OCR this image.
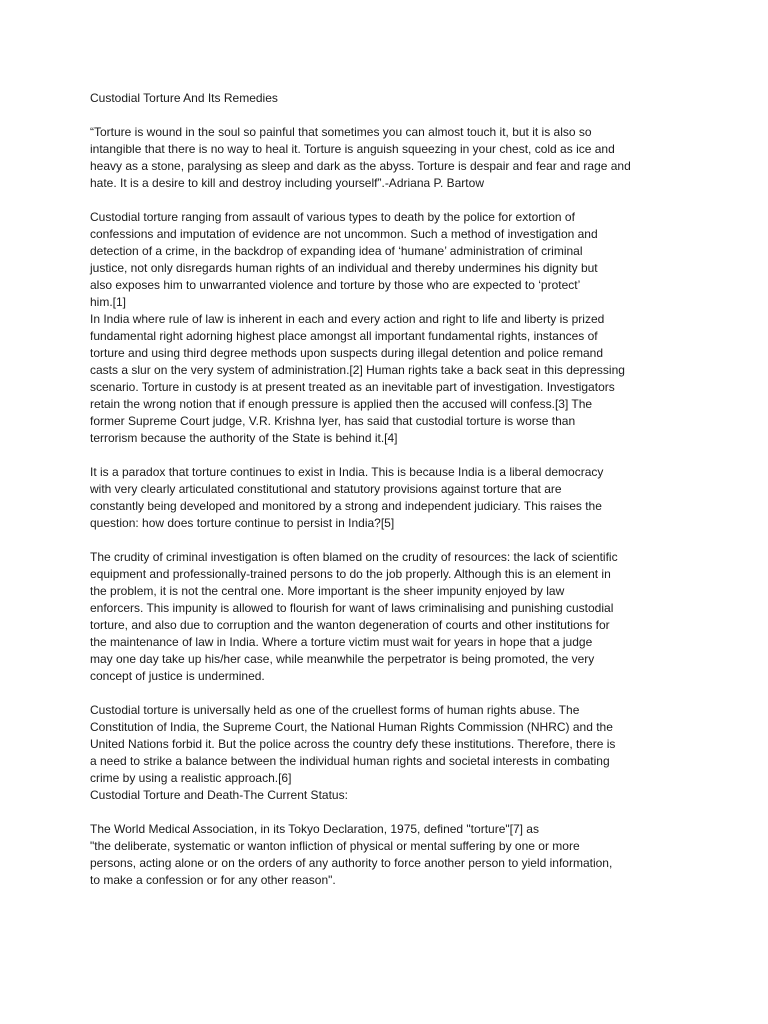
Custodial Torture And Its Remedies
“Torture is wound in the soul so painful that sometimes you can almost touch it, but it is also so
intangible that there is no way to heal it. Torture is anguish squeezing in your chest, cold as ice and
heavy as a stone, paralysing as sleep and dark as the abyss. Torture is despair and fear and rage and
hate. It is a desire to kill and destroy including yourself”.-Adriana P. Bartow
Custodial torture ranging from assault of various types to death by the police for extortion of
confessions and imputation of evidence are not uncommon. Such a method of investigation and
detection of a crime, in the backdrop of expanding idea of ‘humane’ administration of criminal
justice, not only disregards human rights of an individual and thereby undermines his dignity but
also exposes him to unwarranted violence and torture by those who are expected to ‘protect’
him.[1]
In India where rule of law is inherent in each and every action and right to life and liberty is prized
fundamental right adorning highest place amongst all important fundamental rights, instances of
torture and using third degree methods upon suspects during illegal detention and police remand
casts a slur on the very system of administration.[2] Human rights take a back seat in this depressing
scenario. Torture in custody is at present treated as an inevitable part of investigation. Investigators
retain the wrong notion that if enough pressure is applied then the accused will confess.[3] The
former Supreme Court judge, V.R. Krishna Iyer, has said that custodial torture is worse than
terrorism because the authority of the State is behind it.[4]
It is a paradox that torture continues to exist in India. This is because India is a liberal democracy
with very clearly articulated constitutional and statutory provisions against torture that are
constantly being developed and monitored by a strong and independent judiciary. This raises the
question: how does torture continue to persist in India?[5]
The crudity of criminal investigation is often blamed on the crudity of resources: the lack of scientific
equipment and professionally-trained persons to do the job properly. Although this is an element in
the problem, it is not the central one. More important is the sheer impunity enjoyed by law
enforcers. This impunity is allowed to flourish for want of laws criminalising and punishing custodial
torture, and also due to corruption and the wanton degeneration of courts and other institutions for
the maintenance of law in India. Where a torture victim must wait for years in hope that a judge
may one day take up his/her case, while meanwhile the perpetrator is being promoted, the very
concept of justice is undermined.
Custodial torture is universally held as one of the cruellest forms of human rights abuse. The
Constitution of India, the Supreme Court, the National Human Rights Commission (NHRC) and the
United Nations forbid it. But the police across the country defy these institutions. Therefore, there is
a need to strike a balance between the individual human rights and societal interests in combating
crime by using a realistic approach.[6]
Custodial Torture and Death-The Current Status:
The World Medical Association, in its Tokyo Declaration, 1975, defined "torture"[7] as
"the deliberate, systematic or wanton infliction of physical or mental suffering by one or more
persons, acting alone or on the orders of any authority to force another person to yield information,
to make a confession or for any other reason".
